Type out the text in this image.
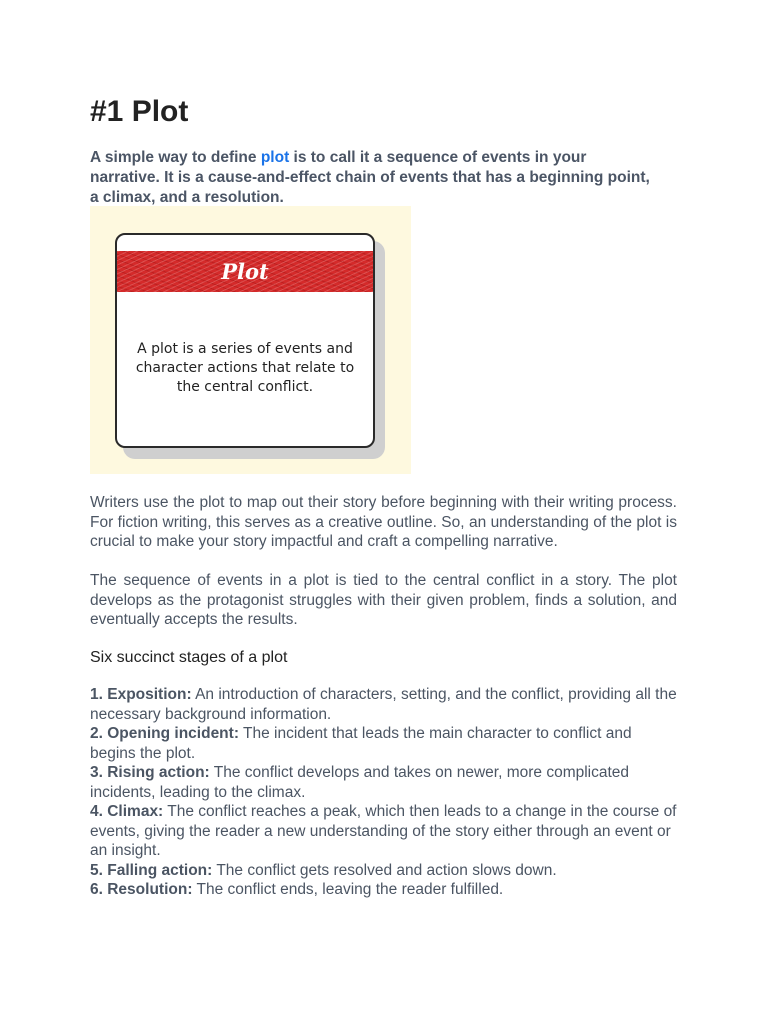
#1 Plot

A simple way to define plot is to call it a sequence of events in your narrative. It is a cause-and-effect chain of events that has a beginning point, a climax, and a resolution.

Plot

A plot is a series of events and character actions that relate to the central conflict.

Writers use the plot to map out their story before beginning with their writing process. For fiction writing, this serves as a creative outline. So, an understanding of the plot is crucial to make your story impactful and craft a compelling narrative.

The sequence of events in a plot is tied to the central conflict in a story. The plot develops as the protagonist struggles with their given problem, finds a solution, and eventually accepts the results.

Six succinct stages of a plot

1. Exposition: An introduction of characters, setting, and the conflict, providing all the necessary background information.
2. Opening incident: The incident that leads the main character to conflict and begins the plot.
3. Rising action: The conflict develops and takes on newer, more complicated incidents, leading to the climax.
4. Climax: The conflict reaches a peak, which then leads to a change in the course of events, giving the reader a new understanding of the story either through an event or an insight.
5. Falling action: The conflict gets resolved and action slows down.
6. Resolution: The conflict ends, leaving the reader fulfilled.
